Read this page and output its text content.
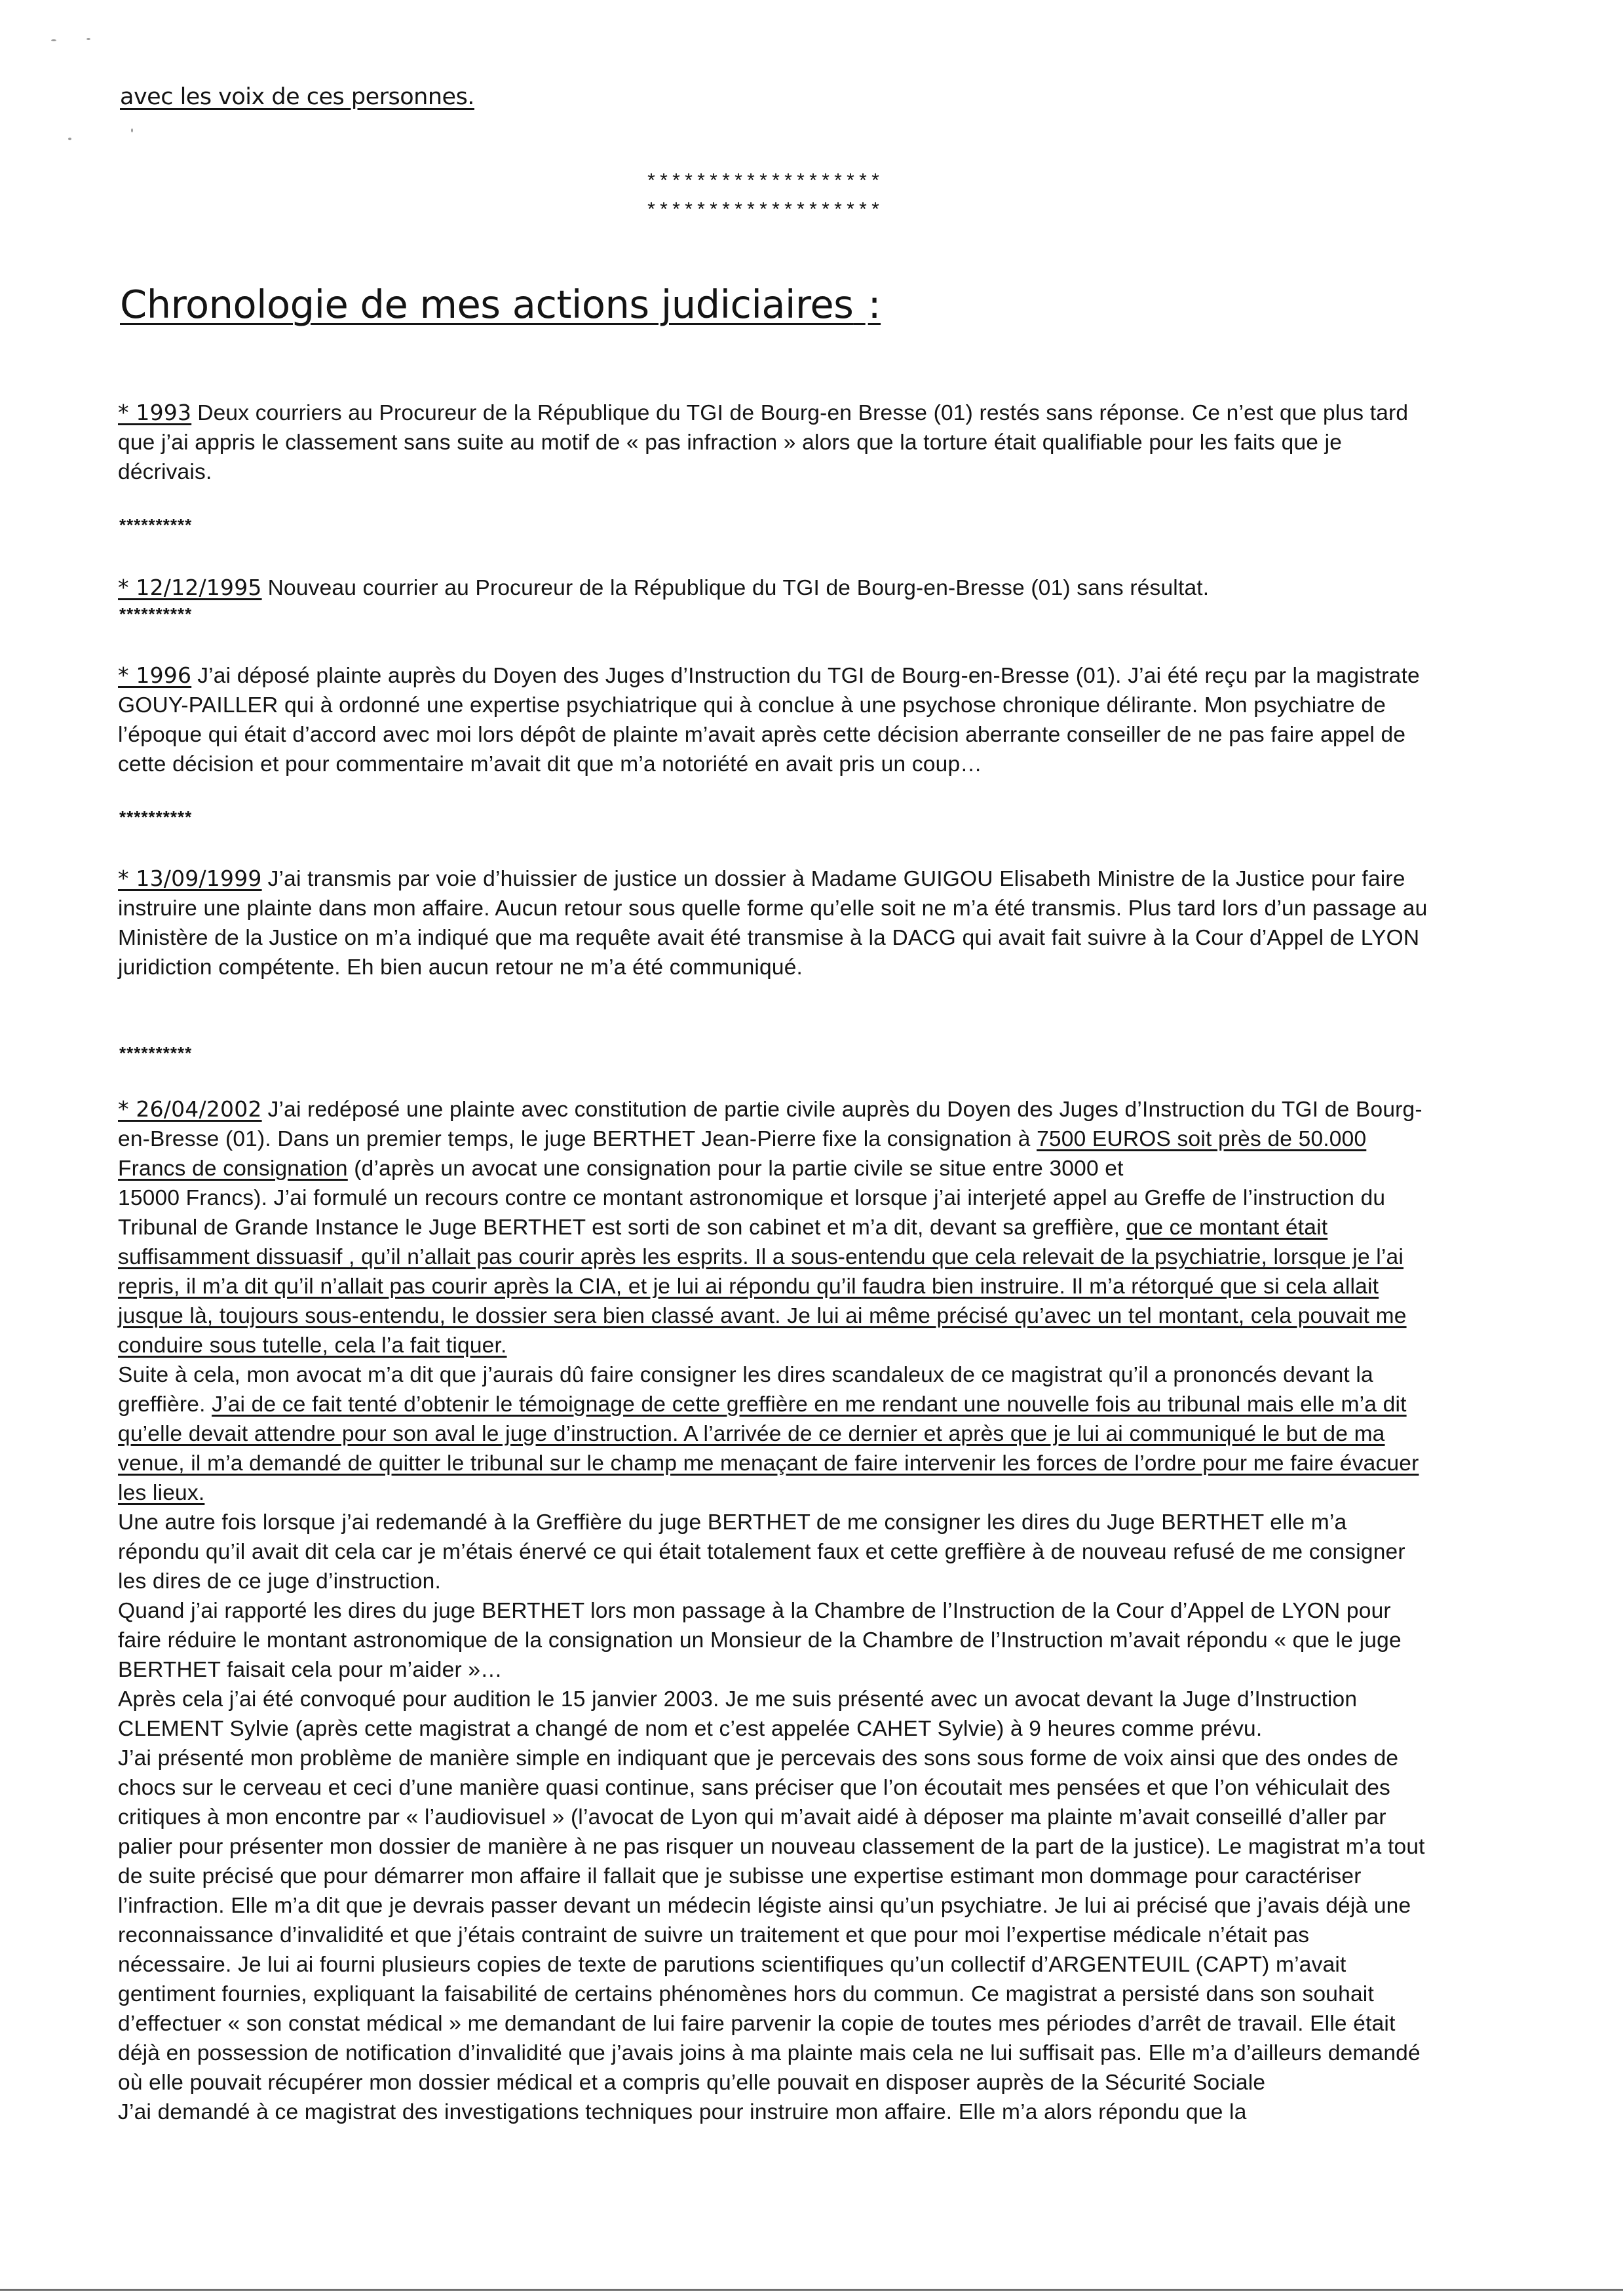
avec les voix de ces personnes.

*******************

*******************

Chronologie de mes actions judiciaires :

* 1993 Deux courriers au Procureur de la République du TGI de Bourg-en Bresse (01) restés sans réponse. Ce n’est que plus tard que j’ai appris le classement sans suite au motif de « pas infraction » alors que la torture était qualifiable pour les faits que je décrivais.

**********

* 12/12/1995 Nouveau courrier au Procureur de la République du TGI de Bourg-en-Bresse (01) sans résultat.

**********

* 1996 J’ai déposé plainte auprès du Doyen des Juges d’Instruction du TGI de Bourg-en-Bresse (01). J’ai été reçu par la magistrate GOUY-PAILLER qui à ordonné une expertise psychiatrique qui à conclue à une psychose chronique délirante. Mon psychiatre de l’époque qui était d’accord avec moi lors dépôt de plainte m’avait après cette décision aberrante conseiller de ne pas faire appel de cette décision et pour commentaire m’avait dit que m’a notoriété en avait pris un coup…

**********

* 13/09/1999 J’ai transmis par voie d’huissier de justice un dossier à Madame GUIGOU Elisabeth Ministre de la Justice pour faire instruire une plainte dans mon affaire. Aucun retour sous quelle forme qu’elle soit ne m’a été transmis. Plus tard lors d’un passage au Ministère de la Justice on m’a indiqué que ma requête avait été transmise à la DACG qui avait fait suivre à la Cour d’Appel de LYON juridiction compétente. Eh bien aucun retour ne m’a été communiqué.

**********

* 26/04/2002 J’ai redéposé une plainte avec constitution de partie civile auprès du Doyen des Juges d’Instruction du TGI de Bourg-en-Bresse (01). Dans un premier temps, le juge BERTHET Jean-Pierre fixe la consignation à 7500 EUROS soit près de 50.000 Francs de consignation (d’après un avocat une consignation pour la partie civile se situe entre 3000 et
15000 Francs). J’ai formulé un recours contre ce montant astronomique et lorsque j’ai interjeté appel au Greffe de l’instruction du Tribunal de Grande Instance le Juge BERTHET est sorti de son cabinet et m’a dit, devant sa greffière, que ce montant était suffisamment dissuasif , qu’il n’allait pas courir après les esprits. Il a sous-entendu que cela relevait de la psychiatrie, lorsque je l’ai repris, il m’a dit qu’il n’allait pas courir après la CIA, et je lui ai répondu qu’il faudra bien instruire. Il m’a rétorqué que si cela allait jusque là, toujours sous-entendu, le dossier sera bien classé avant. Je lui ai même précisé qu’avec un tel montant, cela pouvait me conduire sous tutelle, cela l’a fait tiquer.
Suite à cela, mon avocat m’a dit que j’aurais dû faire consigner les dires scandaleux de ce magistrat qu’il a prononcés devant la greffière. J’ai de ce fait tenté d’obtenir le témoignage de cette greffière en me rendant une nouvelle fois au tribunal mais elle m’a dit qu’elle devait attendre pour son aval le juge d’instruction. A l’arrivée de ce dernier et après que je lui ai communiqué le but de ma venue, il m’a demandé de quitter le tribunal sur le champ me menaçant de faire intervenir les forces de l’ordre pour me faire évacuer les lieux.
Une autre fois lorsque j’ai redemandé à la Greffière du juge BERTHET de me consigner les dires du Juge BERTHET elle m’a répondu qu’il avait dit cela car je m’étais énervé ce qui était totalement faux et cette greffière à de nouveau refusé de me consigner les dires de ce juge d’instruction.
Quand j’ai rapporté les dires du juge BERTHET lors mon passage à la Chambre de l’Instruction de la Cour d’Appel de LYON pour faire réduire le montant astronomique de la consignation un Monsieur de la Chambre de l’Instruction m’avait répondu « que le juge BERTHET faisait cela pour m’aider »…
Après cela j’ai été convoqué pour audition le 15 janvier 2003. Je me suis présenté avec un avocat devant la Juge d’Instruction CLEMENT Sylvie (après cette magistrat a changé de nom et c’est appelée CAHET Sylvie) à 9 heures comme prévu.
J’ai présenté mon problème de manière simple en indiquant que je percevais des sons sous forme de voix ainsi que des ondes de chocs sur le cerveau et ceci d’une manière quasi continue, sans préciser que l’on écoutait mes pensées et que l’on véhiculait des critiques à mon encontre par « l’audiovisuel » (l’avocat de Lyon qui m’avait aidé à déposer ma plainte m’avait conseillé d’aller par palier pour présenter mon dossier de manière à ne pas risquer un nouveau classement de la part de la justice). Le magistrat m’a tout de suite précisé que pour démarrer mon affaire il fallait que je subisse une expertise estimant mon dommage pour caractériser l’infraction. Elle m’a dit que je devrais passer devant un médecin légiste ainsi qu’un psychiatre. Je lui ai précisé que j’avais déjà une reconnaissance d’invalidité et que j’étais contraint de suivre un traitement et que pour moi l’expertise médicale n’était pas nécessaire. Je lui ai fourni plusieurs copies de texte de parutions scientifiques qu’un collectif d’ARGENTEUIL (CAPT) m’avait gentiment fournies, expliquant la faisabilité de certains phénomènes hors du commun. Ce magistrat a persisté dans son souhait d’effectuer « son constat médical » me demandant de lui faire parvenir la copie de toutes mes périodes d’arrêt de travail. Elle était déjà en possession de notification d’invalidité que j’avais joins à ma plainte mais cela ne lui suffisait pas. Elle m’a d’ailleurs demandé où elle pouvait récupérer mon dossier médical et a compris qu’elle pouvait en disposer auprès de la Sécurité Sociale
J’ai demandé à ce magistrat des investigations techniques pour instruire mon affaire. Elle m’a alors répondu que la
